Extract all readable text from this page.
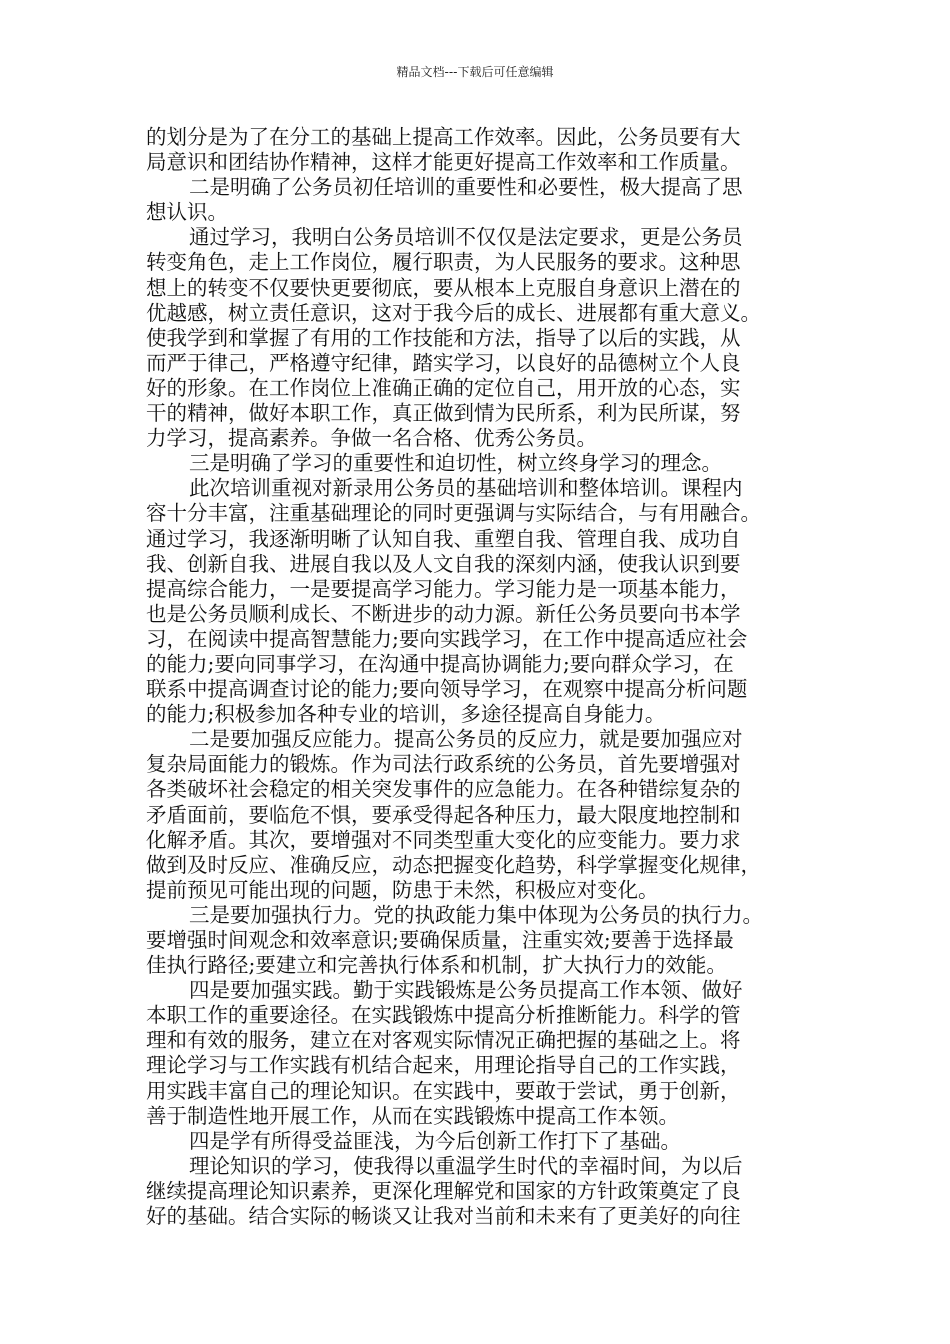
精品文档---下载后可任意编辑
的划分是为了在分工的基础上提高工作效率。因此，公务员要有大
局意识和团结协作精神，这样才能更好提高工作效率和工作质量。
二是明确了公务员初任培训的重要性和必要性，极大提高了思
想认识。
通过学习，我明白公务员培训不仅仅是法定要求，更是公务员
转变角色，走上工作岗位，履行职责，为人民服务的要求。这种思
想上的转变不仅要快更要彻底，要从根本上克服自身意识上潜在的
优越感，树立责任意识，这对于我今后的成长、进展都有重大意义。
使我学到和掌握了有用的工作技能和方法，指导了以后的实践，从
而严于律己，严格遵守纪律，踏实学习，以良好的品德树立个人良
好的形象。在工作岗位上准确正确的定位自己，用开放的心态，实
干的精神，做好本职工作，真正做到情为民所系，利为民所谋，努
力学习，提高素养。争做一名合格、优秀公务员。
三是明确了学习的重要性和迫切性，树立终身学习的理念。
此次培训重视对新录用公务员的基础培训和整体培训。课程内
容十分丰富，注重基础理论的同时更强调与实际结合，与有用融合。
通过学习，我逐渐明晰了认知自我、重塑自我、管理自我、成功自
我、创新自我、进展自我以及人文自我的深刻内涵，使我认识到要
提高综合能力，一是要提高学习能力。学习能力是一项基本能力，
也是公务员顺利成长、不断进步的动力源。新任公务员要向书本学
习，在阅读中提高智慧能力;要向实践学习，在工作中提高适应社会
的能力;要向同事学习，在沟通中提高协调能力;要向群众学习，在
联系中提高调查讨论的能力;要向领导学习，在观察中提高分析问题
的能力;积极参加各种专业的培训，多途径提高自身能力。
二是要加强反应能力。提高公务员的反应力，就是要加强应对
复杂局面能力的锻炼。作为司法行政系统的公务员，首先要增强对
各类破坏社会稳定的相关突发事件的应急能力。在各种错综复杂的
矛盾面前，要临危不惧，要承受得起各种压力，最大限度地控制和
化解矛盾。其次，要增强对不同类型重大变化的应变能力。要力求
做到及时反应、准确反应，动态把握变化趋势，科学掌握变化规律，
提前预见可能出现的问题，防患于未然，积极应对变化。
三是要加强执行力。党的执政能力集中体现为公务员的执行力。
要增强时间观念和效率意识;要确保质量，注重实效;要善于选择最
佳执行路径;要建立和完善执行体系和机制，扩大执行力的效能。
四是要加强实践。勤于实践锻炼是公务员提高工作本领、做好
本职工作的重要途径。在实践锻炼中提高分析推断能力。科学的管
理和有效的服务，建立在对客观实际情况正确把握的基础之上。将
理论学习与工作实践有机结合起来，用理论指导自己的工作实践，
用实践丰富自己的理论知识。在实践中，要敢于尝试，勇于创新，
善于制造性地开展工作，从而在实践锻炼中提高工作本领。
四是学有所得受益匪浅，为今后创新工作打下了基础。
理论知识的学习，使我得以重温学生时代的幸福时间，为以后
继续提高理论知识素养，更深化理解党和国家的方针政策奠定了良
好的基础。结合实际的畅谈又让我对当前和未来有了更美好的向往
